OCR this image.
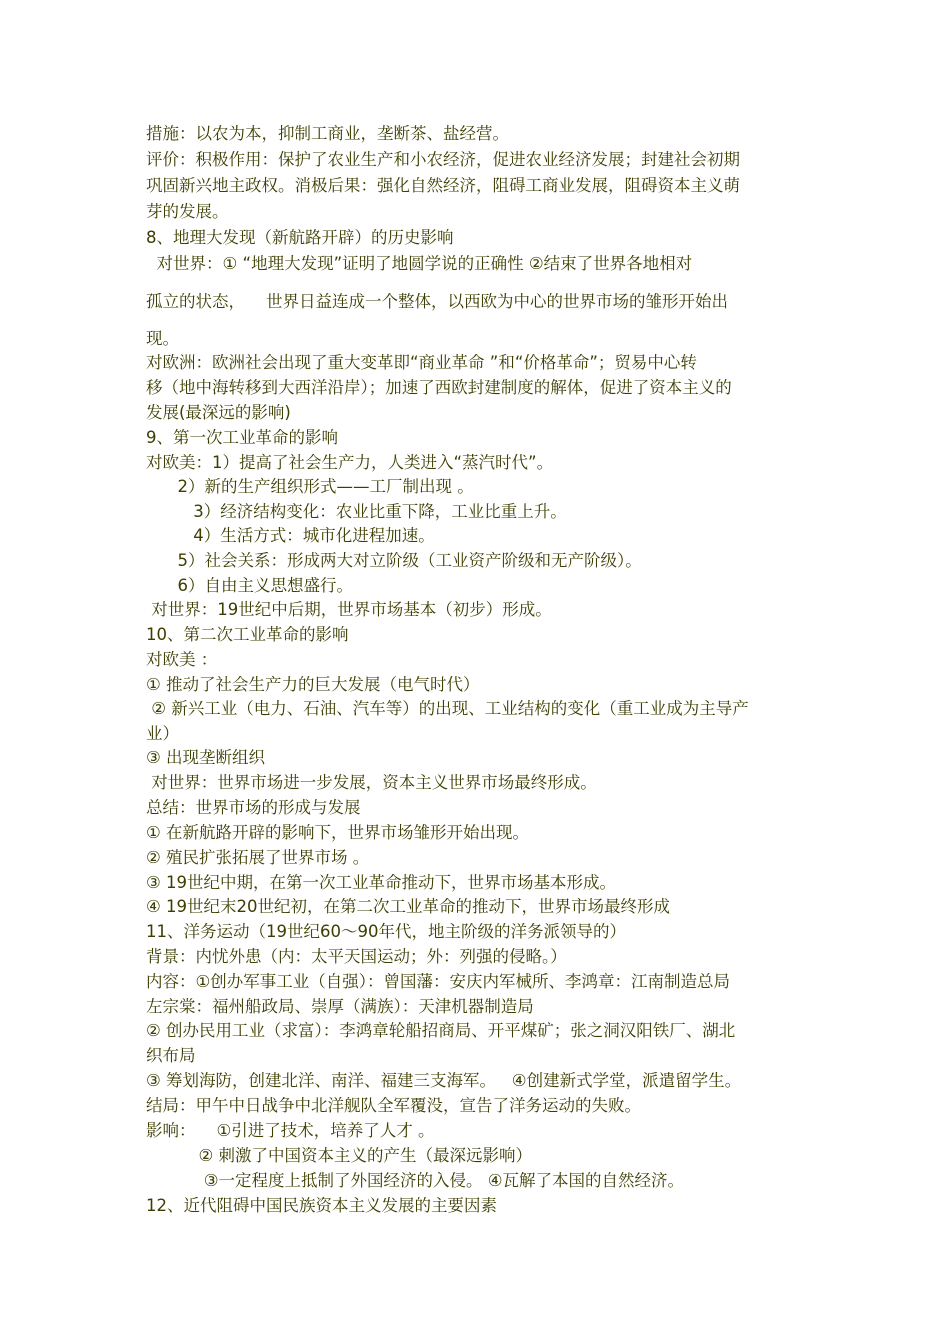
措施：以农为本，抑制工商业，垄断茶、盐经营。
评价：积极作用：保护了农业生产和小农经济，促进农业经济发展；封建社会初期
巩固新兴地主政权。消极后果：强化自然经济，阻碍工商业发展，阻碍资本主义萌
芽的发展。
8、地理大发现（新航路开辟）的历史影响
对世界：① “地理大发现”证明了地圆学说的正确性 ②结束了世界各地相对
孤立的状态，    世界日益连成一个整体，以西欧为中心的世界市场的雏形开始出
现。
对欧洲：欧洲社会出现了重大变革即“商业革命 ”和“价格革命”；贸易中心转
移（地中海转移到大西洋沿岸）；加速了西欧封建制度的解体，促进了资本主义的
发展(最深远的影响)
9、第一次工业革命的影响
对欧美：1）提高了社会生产力，人类进入“蒸汽时代”。
2）新的生产组织形式——工厂制出现 。
3）经济结构变化：农业比重下降，工业比重上升。
4）生活方式：城市化进程加速。
5）社会关系：形成两大对立阶级（工业资产阶级和无产阶级）。
6）自由主义思想盛行。
对世界：19世纪中后期，世界市场基本（初步）形成。
10、第二次工业革命的影响
对欧美 ：
① 推动了社会生产力的巨大发展（电气时代）
② 新兴工业（电力、石油、汽车等）的出现、工业结构的变化（重工业成为主导产
业）
③ 出现垄断组织
对世界：世界市场进一步发展，资本主义世界市场最终形成。
总结：世界市场的形成与发展
① 在新航路开辟的影响下，世界市场雏形开始出现。
② 殖民扩张拓展了世界市场 。
③ 19世纪中期，在第一次工业革命推动下，世界市场基本形成。
④ 19世纪末20世纪初，在第二次工业革命的推动下，世界市场最终形成
11、洋务运动（19世纪60～90年代，地主阶级的洋务派领导的）
背景：内忧外患（内：太平天国运动；外：列强的侵略。）
内容：①创办军事工业（自强）：曾国藩：安庆内军械所、李鸿章：江南制造总局
左宗棠：福州船政局、崇厚（满族）：天津机器制造局
② 创办民用工业（求富）：李鸿章轮船招商局、开平煤矿；张之洞汉阳铁厂、湖北
织布局
③ 筹划海防，创建北洋、南洋、福建三支海军。   ④创建新式学堂，派遣留学生。
结局：甲午中日战争中北洋舰队全军覆没，宣告了洋务运动的失败。
影响：    ①引进了技术，培养了人才 。
② 刺激了中国资本主义的产生（最深远影响）
③一定程度上抵制了外国经济的入侵。 ④瓦解了本国的自然经济。
12、近代阻碍中国民族资本主义发展的主要因素
